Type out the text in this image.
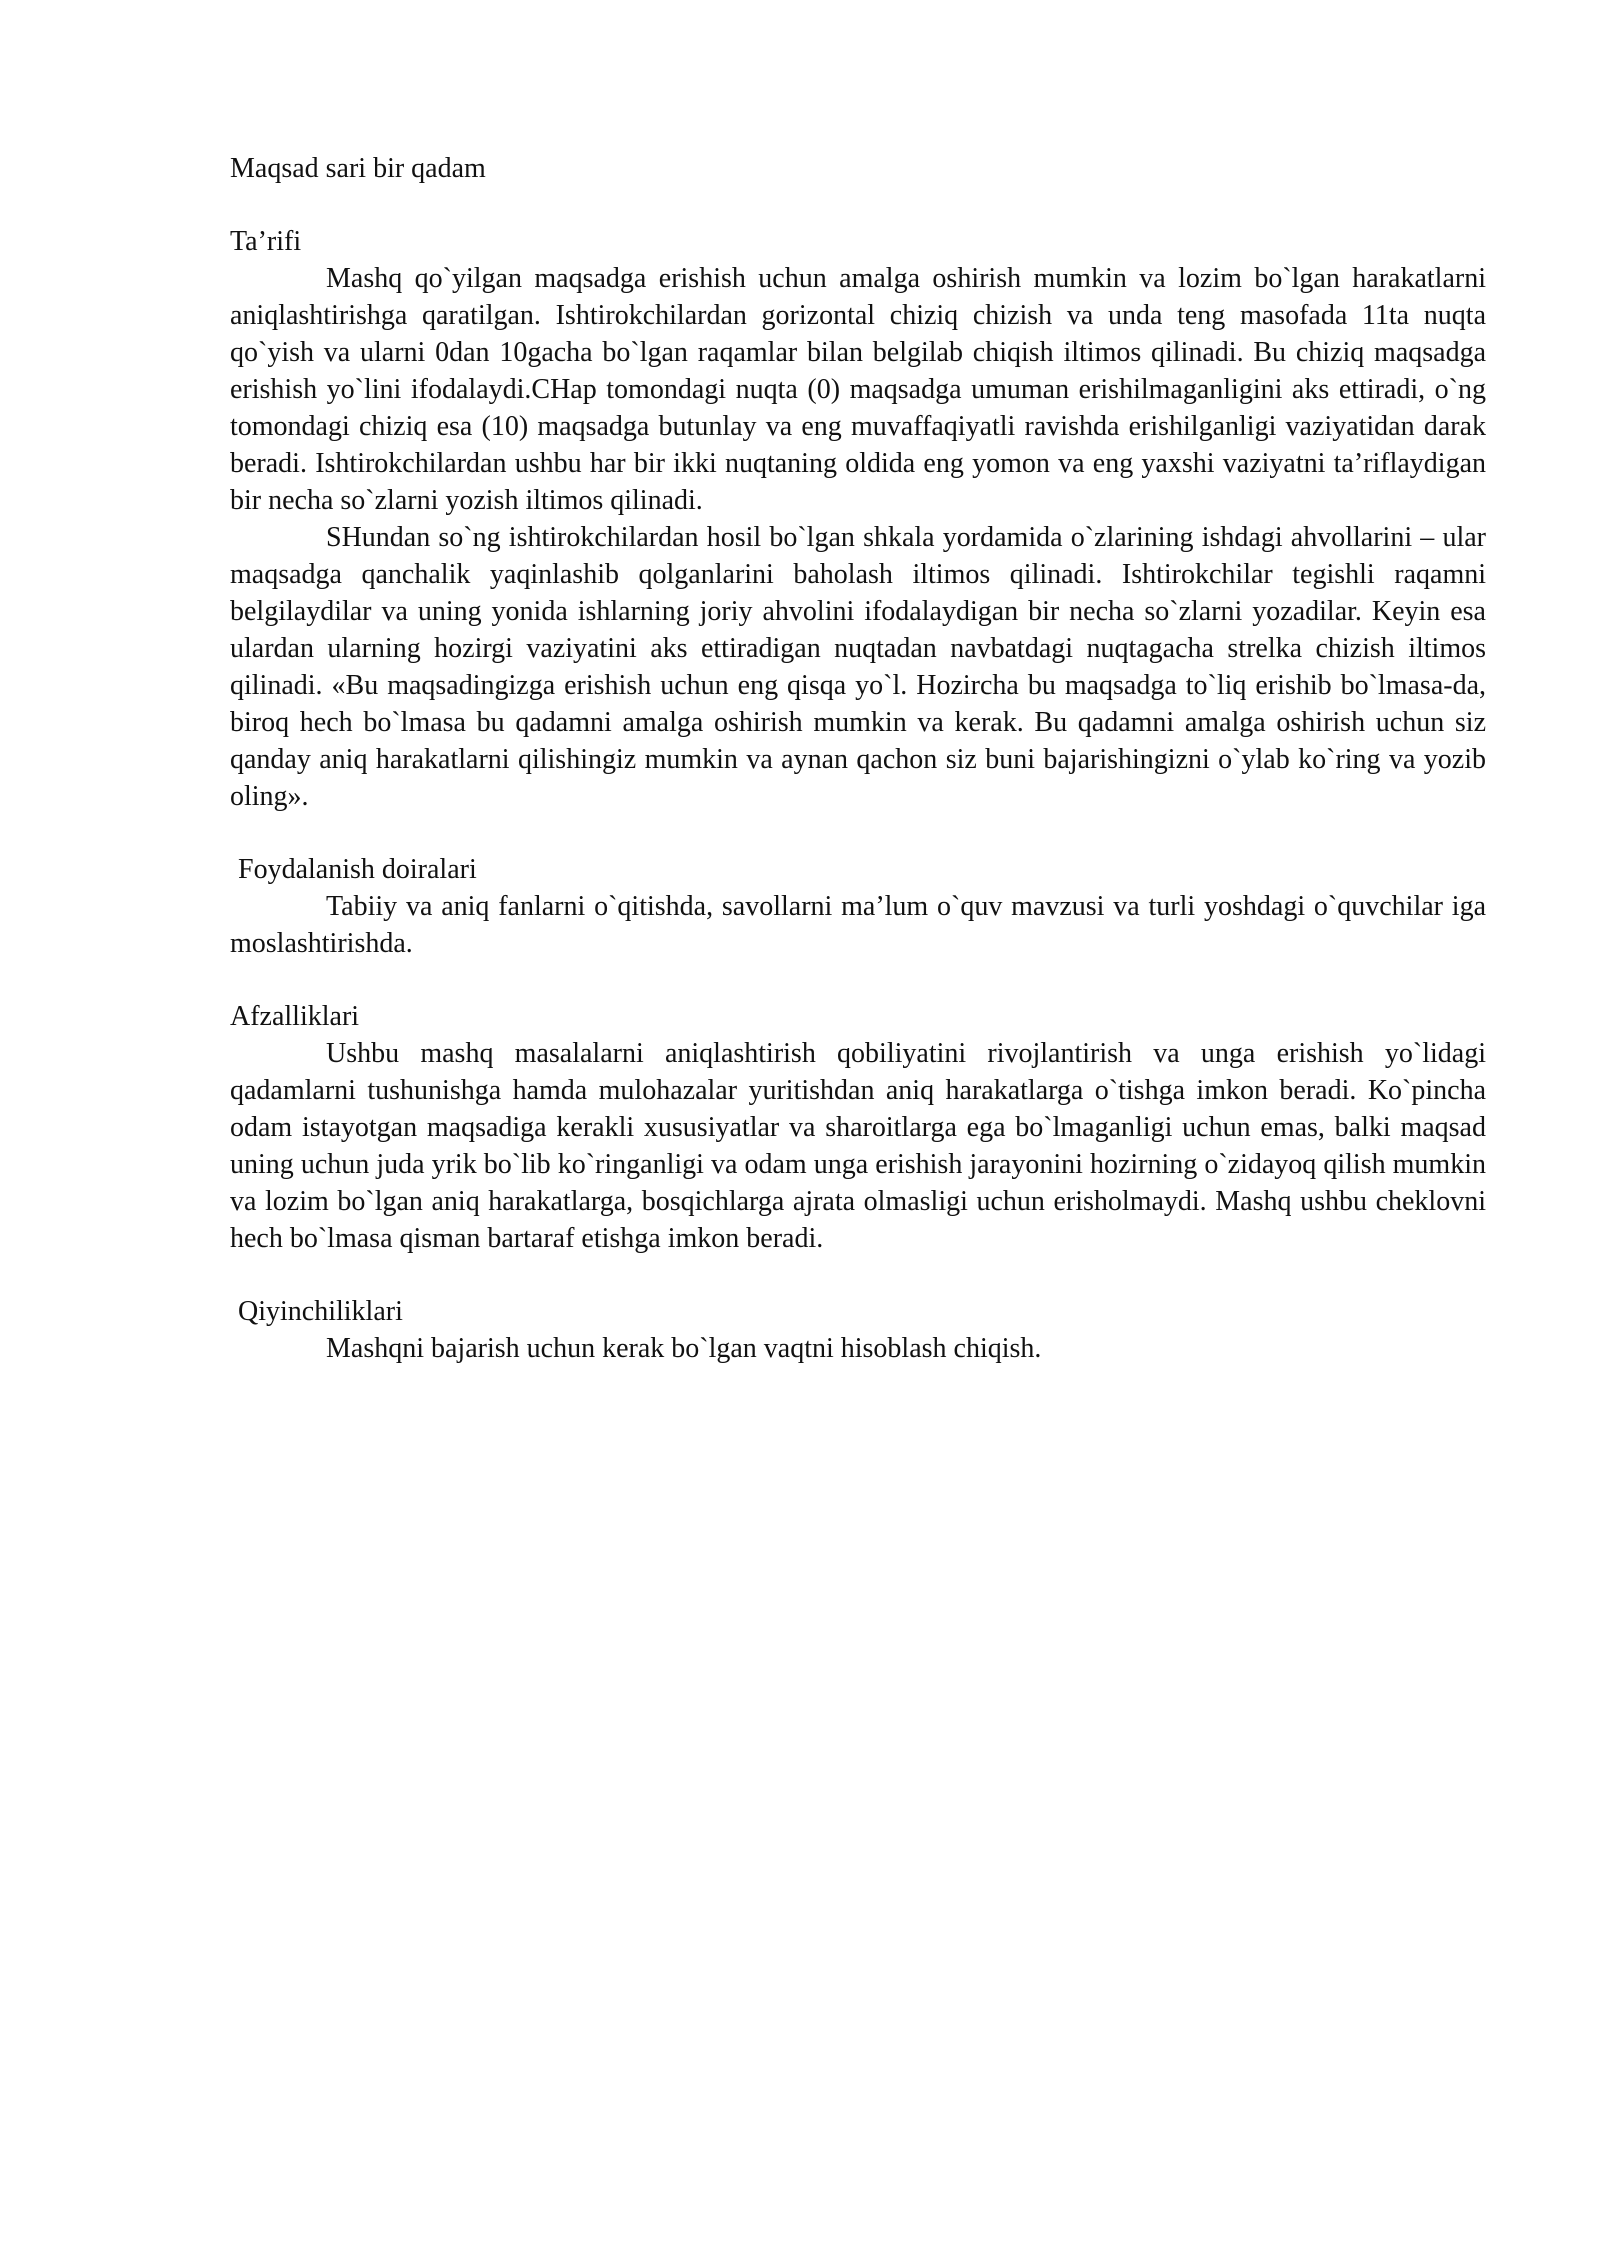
Maqsad sari bir qadam

Ta’rifi

Mashq qo`yilgan maqsadga erishish uchun amalga oshirish mumkin va lozim bo`lgan harakatlarni aniqlashtirishga qaratilgan. Ishtirokchilardan gorizontal chiziq chizish va unda teng masofada 11ta nuqta qo`yish va ularni 0dan 10gacha bo`lgan raqamlar bilan belgilab chiqish iltimos qilinadi. Bu chiziq maqsadga erishish yo`lini ifodalaydi.CHap tomondagi nuqta (0) maqsadga umuman erishilmaganligini aks ettiradi, o`ng tomondagi chiziq esa (10) maqsadga butunlay va eng muvaffaqiyatli ravishda erishilganligi vaziyatidan darak beradi. Ishtirokchilardan ushbu har bir ikki nuqtaning oldida eng yomon va eng yaxshi vaziyatni ta’riflaydigan bir necha so`zlarni yozish iltimos qilinadi.

SHundan so`ng ishtirokchilardan hosil bo`lgan shkala yordamida o`zlarining ishdagi ahvollarini – ular maqsadga qanchalik yaqinlashib qolganlarini baholash iltimos qilinadi. Ishtirokchilar tegishli raqamni belgilaydilar va uning yonida ishlarning joriy ahvolini ifodalaydigan bir necha so`zlarni yozadilar. Keyin esa ulardan ularning hozirgi vaziyatini aks ettiradigan nuqtadan navbatdagi nuqtagacha strelka chizish iltimos qilinadi. «Bu maqsadingizga erishish uchun eng qisqa yo`l. Hozircha bu maqsadga to`liq erishib bo`lmasa-da, biroq hech bo`lmasa bu qadamni amalga oshirish mumkin va kerak. Bu qadamni amalga oshirish uchun siz qanday aniq harakatlarni qilishingiz mumkin va aynan qachon siz buni bajarishingizni o`ylab ko`ring va yozib oling».

Foydalanish doiralari

Tabiiy va aniq fanlarni o`qitishda, savollarni ma’lum o`quv mavzusi va turli yoshdagi o`quvchilar iga moslashtirishda.

Afzalliklari

Ushbu mashq masalalarni aniqlashtirish qobiliyatini rivojlantirish va unga erishish yo`lidagi qadamlarni tushunishga hamda mulohazalar yuritishdan aniq harakatlarga o`tishga imkon beradi. Ko`pincha odam istayotgan maqsadiga kerakli xususiyatlar va sharoitlarga ega bo`lmaganligi uchun emas, balki maqsad uning uchun juda yrik bo`lib ko`ringanligi va odam unga erishish jarayonini hozirning o`zidayoq qilish mumkin va lozim bo`lgan aniq harakatlarga, bosqichlarga ajrata olmasligi uchun erisholmaydi. Mashq ushbu cheklovni hech bo`lmasa qisman bartaraf etishga imkon beradi.

Qiyinchiliklari

Mashqni bajarish uchun kerak bo`lgan vaqtni hisoblash chiqish.
